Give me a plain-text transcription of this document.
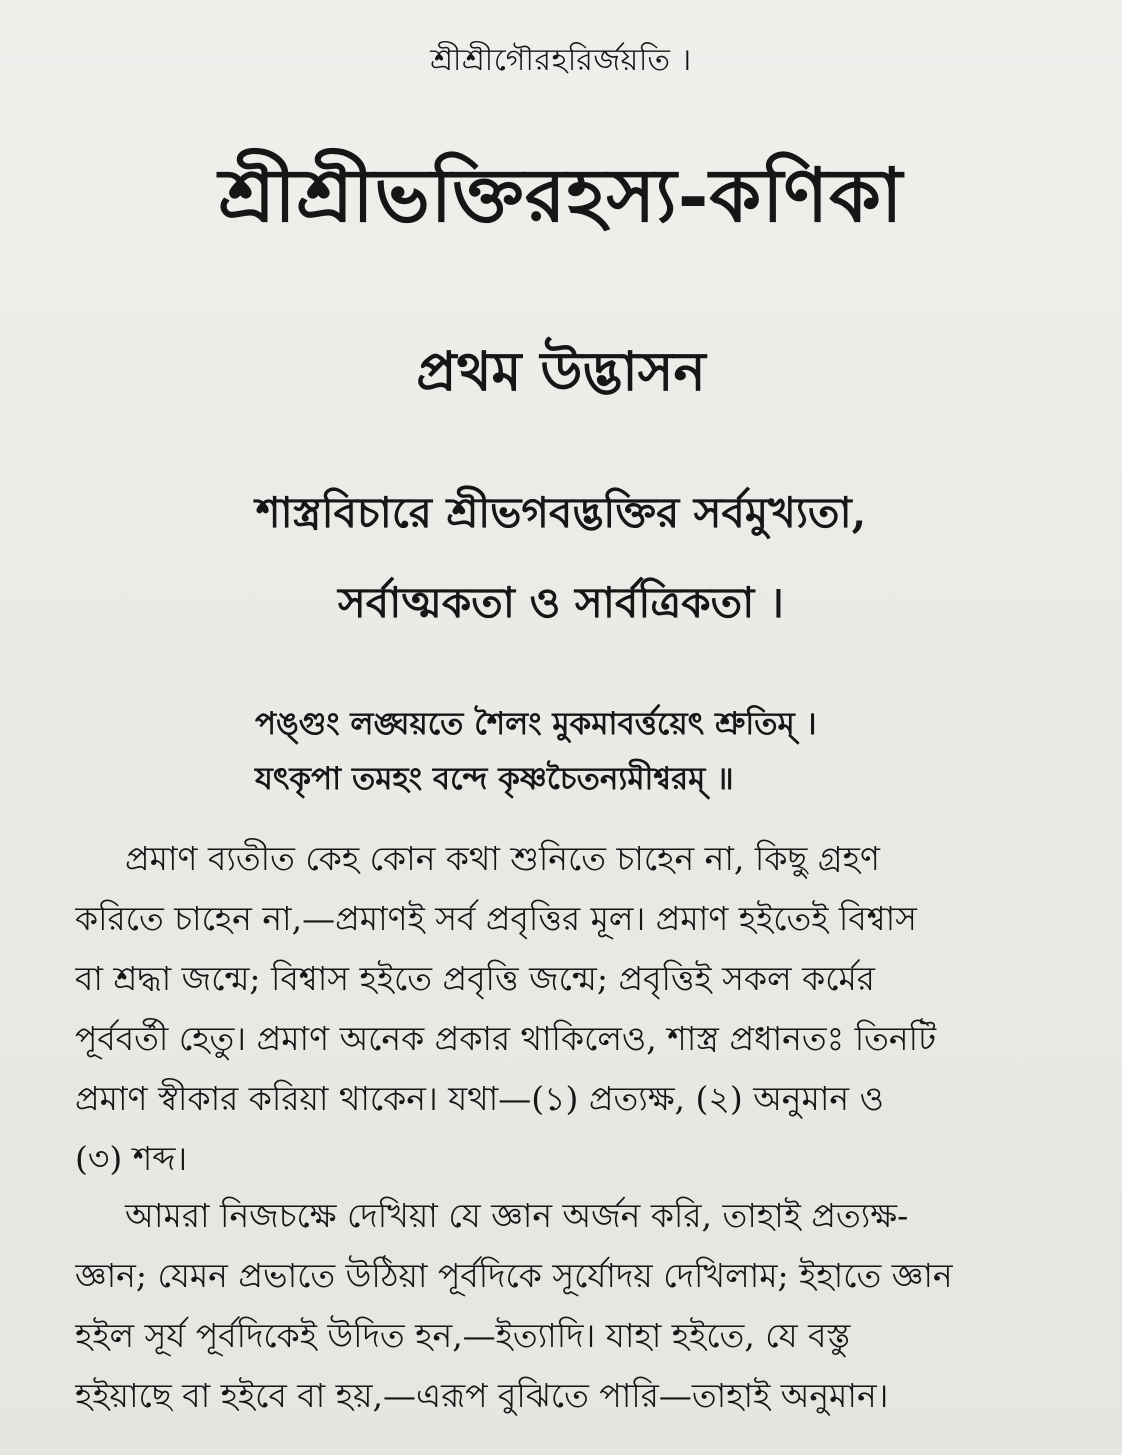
শ্রীশ্রীগৌরহরির্জয়তি ।
শ্রীশ্রীভক্তিরহস্য-কণিকা
প্রথম উদ্ভাসন
শাস্ত্রবিচারে শ্রীভগবদ্ভক্তির সর্বমুখ্যতা,
সর্বাত্মকতা ও সার্বত্রিকতা ।
পঙ্গুং লঙ্ঘয়তে শৈলং মুকমাবর্ত্তয়েৎ শ্রুতিম্ ।
যৎকৃপা তমহং বন্দে কৃষ্ণচৈতন্যমীশ্বরম্ ॥
প্রমাণ ব্যতীত কেহ কোন কথা শুনিতে চাহেন না, কিছু গ্রহণ
করিতে চাহেন না,—প্রমাণই সর্ব প্রবৃত্তির মূল। প্রমাণ হইতেই বিশ্বাস
বা শ্রদ্ধা জন্মে; বিশ্বাস হইতে প্রবৃত্তি জন্মে; প্রবৃত্তিই সকল কর্মের
পূর্ববর্তী হেতু। প্রমাণ অনেক প্রকার থাকিলেও, শাস্ত্র প্রধানতঃ তিনটি
প্রমাণ স্বীকার করিয়া থাকেন। যথা—(১) প্রত্যক্ষ, (২) অনুমান ও
(৩) শব্দ।
আমরা নিজচক্ষে দেখিয়া যে জ্ঞান অর্জন করি, তাহাই প্রত্যক্ষ-
জ্ঞান; যেমন প্রভাতে উঠিয়া পূর্বদিকে সূর্যোদয় দেখিলাম; ইহাতে জ্ঞান
হইল সূর্য পূর্বদিকেই উদিত হন,—ইত্যাদি। যাহা হইতে, যে বস্তু
হইয়াছে বা হইবে বা হয়,—এরূপ বুঝিতে পারি—তাহাই অনুমান।
